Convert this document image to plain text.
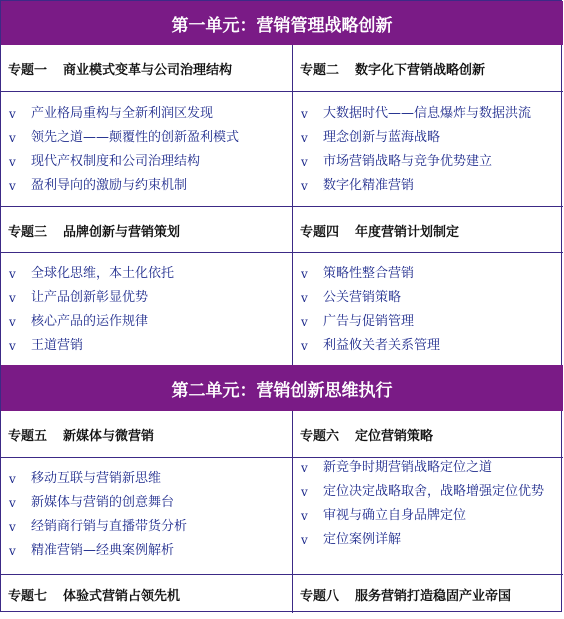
第一单元：营销管理战略创新
专题一 商业模式变革与公司治理结构	专题二 数字化下营销战略创新
v	产业格局重构与全新利润区发现
v	领先之道——颠覆性的创新盈利模式
v	现代产权制度和公司治理结构
v	盈利导向的激励与约束机制
v	大数据时代——信息爆炸与数据洪流
v	理念创新与蓝海战略
v	市场营销战略与竞争优势建立
v	数字化精准营销
专题三 品牌创新与营销策划	专题四 年度营销计划制定
v	全球化思维，本土化依托
v	让产品创新彰显优势
v	核心产品的运作规律
v	王道营销
v	策略性整合营销
v	公关营销策略
v	广告与促销管理
v	利益攸关者关系管理
第二单元：营销创新思维执行
专题五 新媒体与微营销	专题六 定位营销策略
v	移动互联与营销新思维
v	新媒体与营销的创意舞台
v	经销商行销与直播带货分析
v	精准营销—经典案例解析
v	新竞争时期营销战略定位之道
v	定位决定战略取舍，战略增强定位优势
v	审视与确立自身品牌定位
v	定位案例详解
专题七 体验式营销占领先机	专题八 服务营销打造稳固产业帝国
